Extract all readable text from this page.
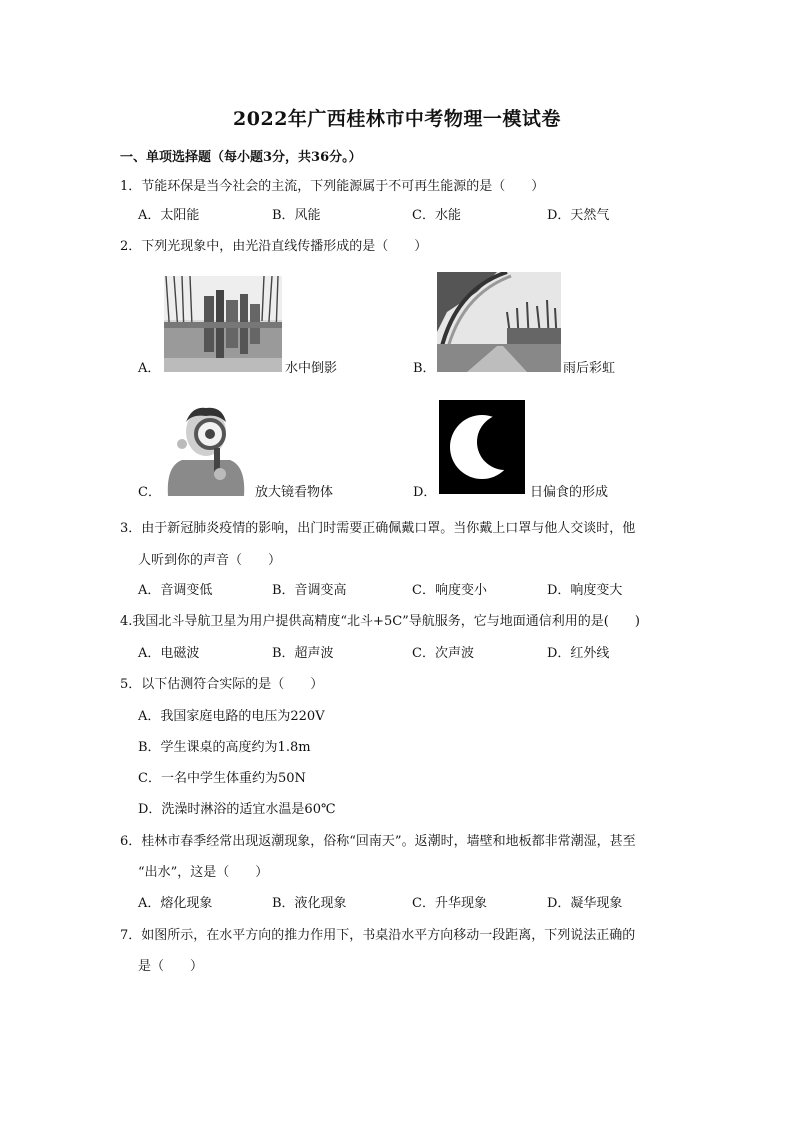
2022年广西桂林市中考物理一模试卷
一、单项选择题（每小题3分，共36分。）
1．节能环保是当今社会的主流，下列能源属于不可再生能源的是（　　）
A．太阳能	B．风能	C．水能	D．天然气
2．下列光现象中，由光沿直线传播形成的是（　　）
A．	水中倒影	B．	雨后彩虹
C．	放大镜看物体	D．	日偏食的形成
3．由于新冠肺炎疫情的影响，出门时需要正确佩戴口罩。当你戴上口罩与他人交谈时，他
人听到你的声音（　　）
A．音调变低	B．音调变高	C．响度变小	D．响度变大
4.我国北斗导航卫星为用户提供高精度“北斗+5C”导航服务，它与地面通信利用的是(　　)
A．电磁波	B．超声波	C．次声波	D．红外线
5．以下估测符合实际的是（　　）
A．我国家庭电路的电压为220V
B．学生课桌的高度约为1.8m
C．一名中学生体重约为50N
D．洗澡时淋浴的适宜水温是60℃
6．桂林市春季经常出现返潮现象，俗称“回南天”。返潮时，墙壁和地板都非常潮湿，甚至
“出水”，这是（　　）
A．熔化现象	B．液化现象	C．升华现象	D．凝华现象
7．如图所示，在水平方向的推力作用下，书桌沿水平方向移动一段距离，下列说法正确的
是（　　）
